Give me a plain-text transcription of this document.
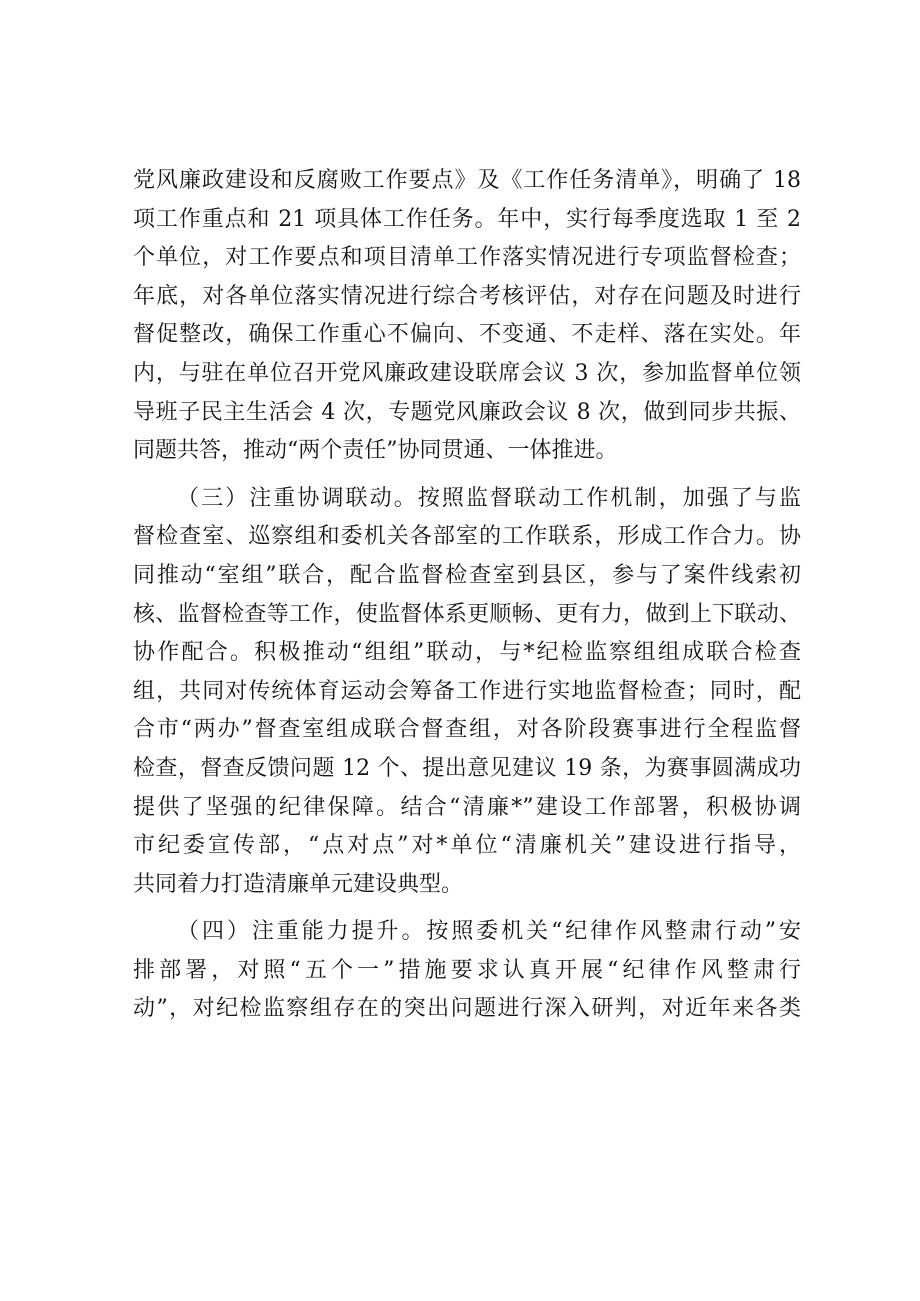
党风廉政建设和反腐败工作要点》及《工作任务清单》，明确了 18
项工作重点和 21 项具体工作任务。年中，实行每季度选取 1 至 2
个单位，对工作要点和项目清单工作落实情况进行专项监督检查；
年底，对各单位落实情况进行综合考核评估，对存在问题及时进行
督促整改，确保工作重心不偏向、不变通、不走样、落在实处。年
内，与驻在单位召开党风廉政建设联席会议 3 次，参加监督单位领
导班子民主生活会 4 次，专题党风廉政会议 8 次，做到同步共振、
同题共答，推动“两个责任”协同贯通、一体推进。
（三）注重协调联动。按照监督联动工作机制，加强了与监
督检查室、巡察组和委机关各部室的工作联系，形成工作合力。协
同推动“室组”联合，配合监督检查室到县区，参与了案件线索初
核、监督检查等工作，使监督体系更顺畅、更有力，做到上下联动、
协作配合。积极推动“组组”联动，与*纪检监察组组成联合检查
组，共同对传统体育运动会筹备工作进行实地监督检查；同时，配
合市“两办”督查室组成联合督查组，对各阶段赛事进行全程监督
检查，督查反馈问题 12 个、提出意见建议 19 条，为赛事圆满成功
提供了坚强的纪律保障。结合“清廉*”建设工作部署，积极协调
市纪委宣传部，“点对点”对*单位“清廉机关”建设进行指导，
共同着力打造清廉单元建设典型。
（四）注重能力提升。按照委机关“纪律作风整肃行动”安
排部署，对照“五个一”措施要求认真开展“纪律作风整肃行
动”，对纪检监察组存在的突出问题进行深入研判，对近年来各类
